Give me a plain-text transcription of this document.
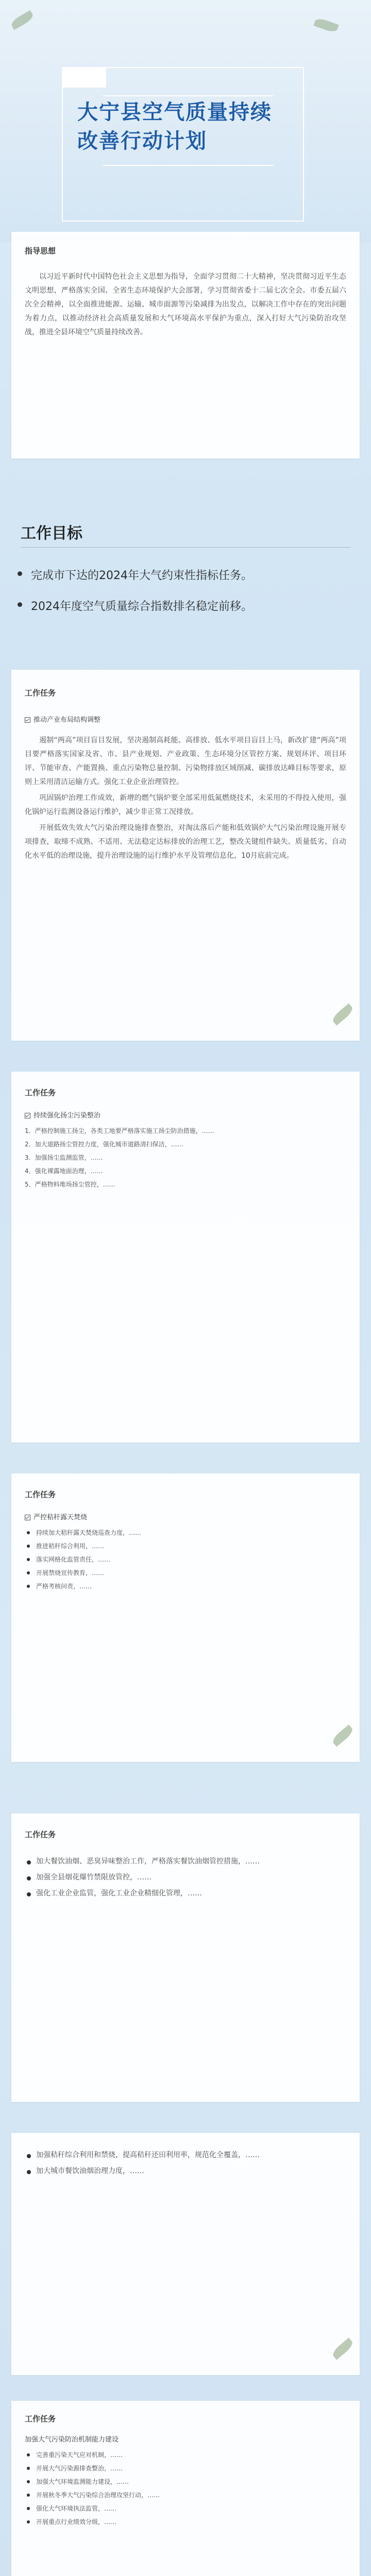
大宁县空气质量持续
改善行动计划
指导思想
以习近平新时代中国特色社会主义思想为指导，全面学习贯彻二十大精神，坚决贯彻习近平生态文明思想，严格落实全国、全省生态环境保护大会部署，学习贯彻省委十二届七次全会。市委五届六次全会精神，以全面推进能源、运输、城市面源等污染减排为出发点，以解决工作中存在的突出问题为着力点，以推动经济社会高质量发展和大气环境高水平保护为重点，深入打好大气污染防治攻坚战，推进全县环境空气质量持续改善。
工作目标
完成市下达的2024年大气约束性指标任务。
2024年度空气质量综合指数排名稳定前移。
工作任务
推动产业布局结构调整
遏制“两高”项目盲目发展，坚决遏制高耗能、高排放、低水平项目盲目上马，新改扩建“两高”项目要严格落实国家及省、市、县产业规划、产业政策、生态环境分区管控方案、规划环评、项目环评、节能审查、产能置换、重点污染物总量控制、污染物排放区域削减、碳排放达峰目标等要求，原则上采用清洁运输方式。强化工业企业治理管控。
巩固锅炉治理工作成效，新增的燃气锅炉要全部采用低氮燃烧技术，未采用的不得投入使用，强化锅炉运行监测设备运行维护，减少非正常工况排放。
开展低效失效大气污染治理设施排查整治，对淘汰落后产能和低效锅炉大气污染治理设施开展专项排查，取缔不成熟、不适用、无法稳定达标排放的治理工艺，整改关键组件缺失、质量低劣、自动化水平低的治理设施，提升治理设施的运行维护水平及管理信息化，10月底前完成。
工作任务
持续强化扬尘污染整治
1．严格控制施工扬尘，各类工地要严格落实施工扬尘防治措施，……
2．加大道路扬尘管控力度，强化城市道路清扫保洁，……
3．加强扬尘监测监管，……
4．强化裸露地面治理，……
5．严格物料堆场扬尘管控，……
工作任务
严控秸秆露天焚烧
持续加大秸秆露天焚烧巡查力度，……
推进秸秆综合利用，……
落实网格化监管责任，……
开展禁烧宣传教育，……
严格考核问责，……
工作任务
加大餐饮油烟、恶臭异味整治工作，严格落实餐饮油烟管控措施，……
加强全县烟花爆竹禁限放管控，……
强化工业企业监管，强化工业企业精细化管理，……
加强秸秆综合利用和禁烧，提高秸秆还田利用率，规范化全覆盖，……
加大城市餐饮油烟治理力度，……
工作任务
加强大气污染防治机制能力建设
完善重污染天气应对机制，……
开展大气污染源排查整治，……
加强大气环境监测能力建设，……
开展秋冬季大气污染综合治理攻坚行动，……
强化大气环境执法监管，……
开展重点行业绩效分级，……
